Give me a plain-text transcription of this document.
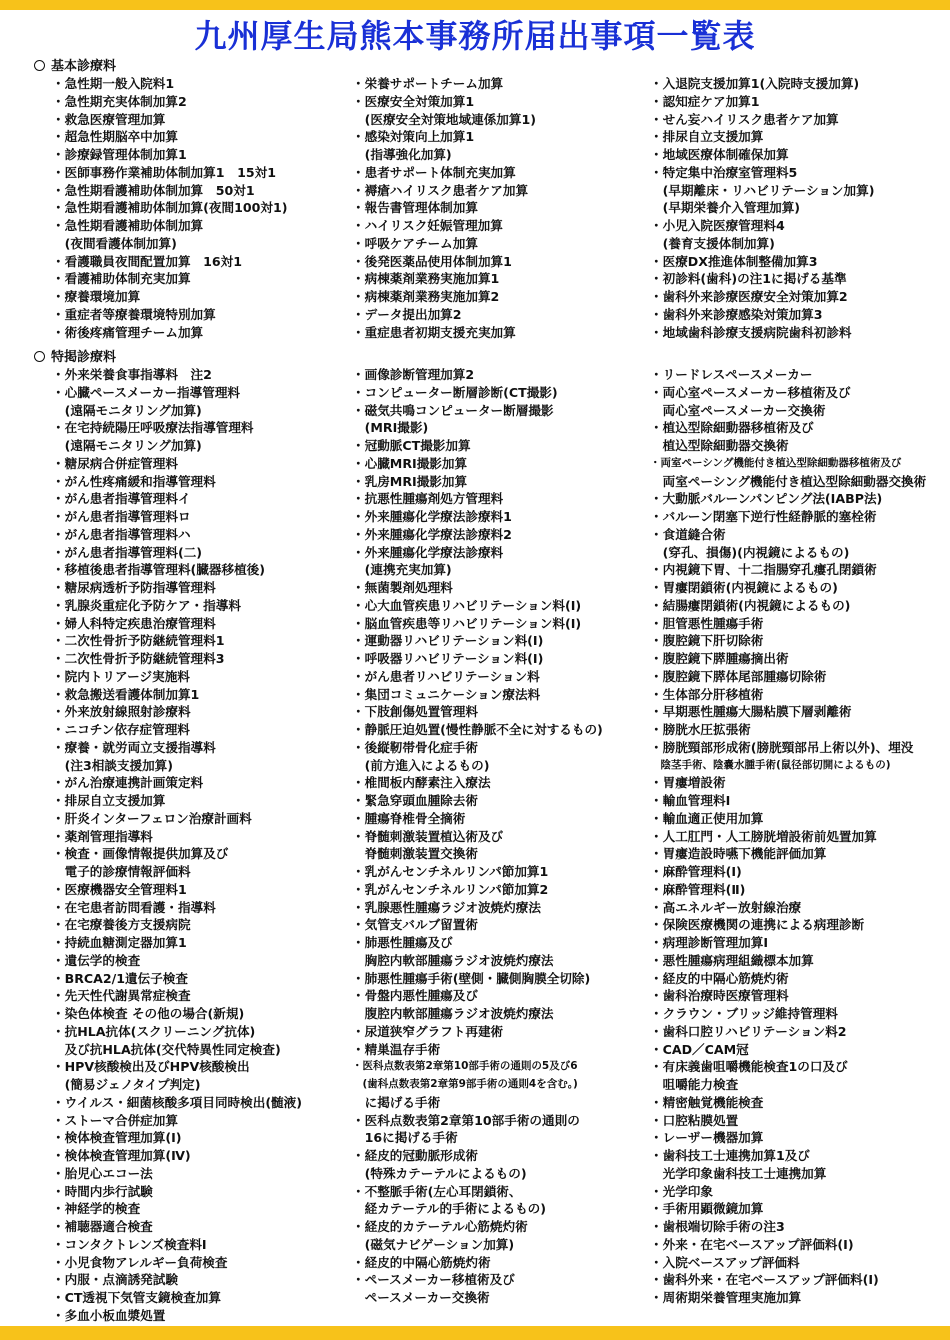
九州厚生局熊本事務所届出事項一覧表
基本診療料
・急性期一般入院料1
・急性期充実体制加算2
・救急医療管理加算
・超急性期脳卒中加算
・診療録管理体制加算1
・医師事務作業補助体制加算1　15対1
・急性期看護補助体制加算　50対1
・急性期看護補助体制加算(夜間100対1)
・急性期看護補助体制加算
　(夜間看護体制加算)
・看護職員夜間配置加算　16対1
・看護補助体制充実加算
・療養環境加算
・重症者等療養環境特別加算
・術後疼痛管理チーム加算
・栄養サポートチーム加算
・医療安全対策加算1
　(医療安全対策地域連係加算1)
・感染対策向上加算1
　(指導強化加算)
・患者サポート体制充実加算
・褥瘡ハイリスク患者ケア加算
・報告書管理体制加算
・ハイリスク妊娠管理加算
・呼吸ケアチーム加算
・後発医薬品使用体制加算1
・病棟薬剤業務実施加算1
・病棟薬剤業務実施加算2
・データ提出加算2
・重症患者初期支援充実加算
・入退院支援加算1(入院時支援加算)
・認知症ケア加算1
・せん妄ハイリスク患者ケア加算
・排尿自立支援加算
・地域医療体制確保加算
・特定集中治療室管理料5
　(早期離床・リハビリテーション加算)
　(早期栄養介入管理加算)
・小児入院医療管理料4
　(養育支援体制加算)
・医療DX推進体制整備加算3
・初診料(歯科)の注1に掲げる基準
・歯科外来診療医療安全対策加算2
・歯科外来診療感染対策加算3
・地域歯科診療支援病院歯科初診料
特掲診療料
・外来栄養食事指導料　注2
・心臓ペースメーカー指導管理料
　(遠隔モニタリング加算)
・在宅持続陽圧呼吸療法指導管理料
　(遠隔モニタリング加算)
・糖尿病合併症管理料
・がん性疼痛緩和指導管理料
・がん患者指導管理料イ
・がん患者指導管理料ロ
・がん患者指導管理料ハ
・がん患者指導管理料(二)
・移植後患者指導管理料(臓器移植後)
・糖尿病透析予防指導管理料
・乳腺炎重症化予防ケア・指導料
・婦人科特定疾患治療管理料
・二次性骨折予防継続管理料1
・二次性骨折予防継続管理料3
・院内トリアージ実施料
・救急搬送看護体制加算1
・外来放射線照射診療料
・ニコチン依存症管理料
・療養・就労両立支援指導料
　(注3相談支援加算)
・がん治療連携計画策定料
・排尿自立支援加算
・肝炎インターフェロン治療計画料
・薬剤管理指導料
・検査・画像情報提供加算及び
　電子的診療情報評価料
・医療機器安全管理料1
・在宅患者訪問看護・指導料
・在宅療養後方支援病院
・持続血糖測定器加算1
・遺伝学的検査
・BRCA2/1遺伝子検査
・先天性代謝異常症検査
・染色体検査 その他の場合(新規)
・抗HLA抗体(スクリーニング抗体)
　及び抗HLA抗体(交代特異性同定検査)
・HPV核酸検出及びHPV核酸検出
　(簡易ジェノタイプ判定)
・ウイルス・細菌核酸多項目同時検出(髄液)
・ストーマ合併症加算
・検体検査管理加算(Ⅰ)
・検体検査管理加算(Ⅳ)
・胎児心エコー法
・時間内歩行試験
・神経学的検査
・補聴器適合検査
・コンタクトレンズ検査料Ⅰ
・小児食物アレルギー負荷検査
・内服・点滴誘発試験
・CT透視下気管支鏡検査加算
・多血小板血漿処置
・画像診断管理加算2
・コンピューター断層診断(CT撮影)
・磁気共鳴コンピューター断層撮影
　(MRI撮影)
・冠動脈CT撮影加算
・心臓MRI撮影加算
・乳房MRI撮影加算
・抗悪性腫瘍剤処方管理料
・外来腫瘍化学療法診療料1
・外来腫瘍化学療法診療料2
・外来腫瘍化学療法診療料
　(連携充実加算)
・無菌製剤処理料
・心大血管疾患リハビリテーション料(Ⅰ)
・脳血管疾患等リハビリテーション料(Ⅰ)
・運動器リハビリテーション料(Ⅰ)
・呼吸器リハビリテーション料(Ⅰ)
・がん患者リハビリテーション料
・集団コミュニケーション療法料
・下肢創傷処置管理料
・静脈圧迫処置(慢性静脈不全に対するもの)
・後縦靭帯骨化症手術
　(前方進入によるもの)
・椎間板内酵素注入療法
・緊急穿頭血腫除去術
・腫瘍脊椎骨全摘術
・脊髄刺激装置植込術及び
　脊髄刺激装置交換術
・乳がんセンチネルリンパ節加算1
・乳がんセンチネルリンパ節加算2
・乳腺悪性腫瘍ラジオ波焼灼療法
・気管支バルブ留置術
・肺悪性腫瘍及び
　胸腔内軟部腫瘍ラジオ波焼灼療法
・肺悪性腫瘍手術(壁側・臓側胸膜全切除)
・骨盤内悪性腫瘍及び
　腹腔内軟部腫瘍ラジオ波焼灼療法
・尿道狭窄グラフト再建術
・精巣温存手術
・医科点数表第2章第10部手術の通則の5及び6
　(歯科点数表第2章第9部手術の通則4を含む。)
　に掲げる手術
・医科点数表第2章第10部手術の通則の
　16に掲げる手術
・経皮的冠動脈形成術
　(特殊カテーテルによるもの)
・不整脈手術(左心耳閉鎖術、
　経カテーテル的手術によるもの)
・経皮的カテーテル心筋焼灼術
　(磁気ナビゲーション加算)
・経皮的中隔心筋焼灼術
・ペースメーカー移植術及び
　ペースメーカー交換術
・リードレスペースメーカー
・両心室ペースメーカー移植術及び
　両心室ペースメーカー交換術
・植込型除細動器移植術及び
　植込型除細動器交換術
・両室ペーシング機能付き植込型除細動器移植術及び
　両室ペーシング機能付き植込型除細動器交換術
・大動脈バルーンパンピング法(IABP法)
・バルーン閉塞下逆行性経静脈的塞栓術
・食道縫合術
　(穿孔、損傷)(内視鏡によるもの)
・内視鏡下胃、十二指腸穿孔瘻孔閉鎖術
・胃瘻閉鎖術(内視鏡によるもの)
・結腸瘻閉鎖術(内視鏡によるもの)
・胆管悪性腫瘍手術
・腹腔鏡下肝切除術
・腹腔鏡下膵腫瘍摘出術
・腹腔鏡下膵体尾部腫瘍切除術
・生体部分肝移植術
・早期悪性腫瘍大腸粘膜下層剥離術
・膀胱水圧拡張術
・膀胱頸部形成術(膀胱頸部吊上術以外)、埋没
　陰茎手術、陰嚢水腫手術(鼠径部切開によるもの)
・胃瘻増設術
・輸血管理料Ⅰ
・輸血適正使用加算
・人工肛門・人工膀胱増設術前処置加算
・胃瘻造設時嚥下機能評価加算
・麻酔管理料(Ⅰ)
・麻酔管理料(Ⅱ)
・高エネルギー放射線治療
・保険医療機関の連携による病理診断
・病理診断管理加算Ⅰ
・悪性腫瘍病理組織標本加算
・経皮的中隔心筋焼灼術
・歯科治療時医療管理料
・クラウン・ブリッジ維持管理料
・歯科口腔リハビリテーション料2
・CAD／CAM冠
・有床義歯咀嚼機能検査1の口及び
　咀嚼能力検査
・精密触覚機能検査
・口腔粘膜処置
・レーザー機器加算
・歯科技工士連携加算1及び
　光学印象歯科技工士連携加算
・光学印象
・手術用顕微鏡加算
・歯根端切除手術の注3
・外来・在宅ベースアップ評価料(Ⅰ)
・入院ベースアップ評価料
・歯科外来・在宅ベースアップ評価料(Ⅰ)
・周術期栄養管理実施加算
